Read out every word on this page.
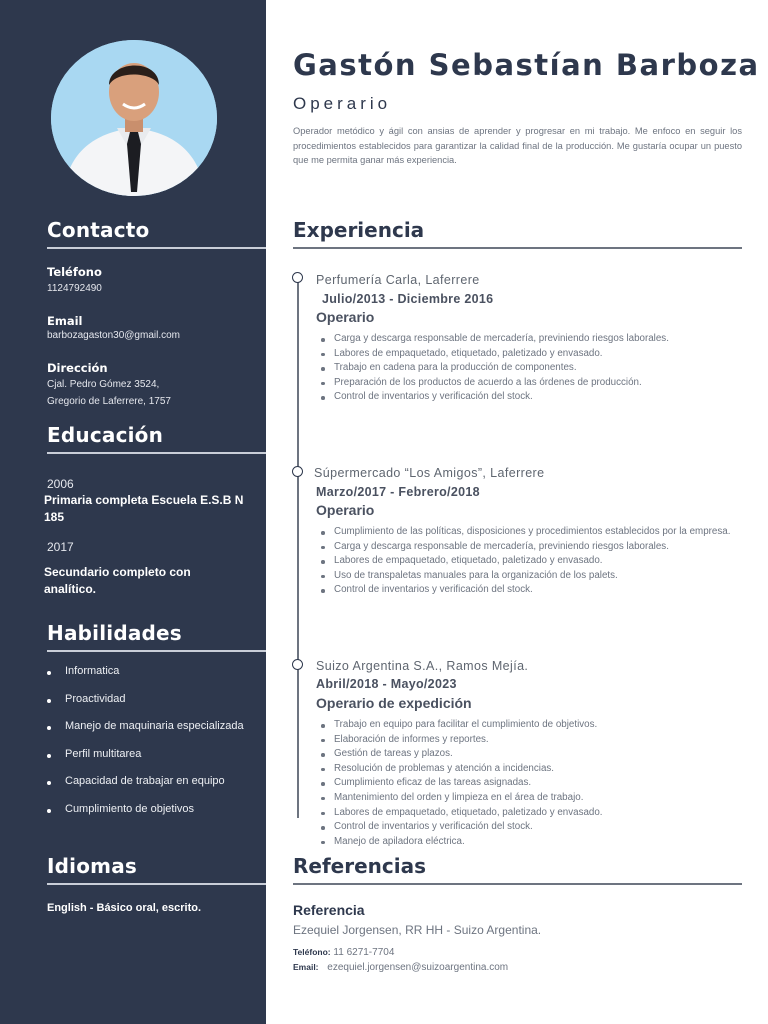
Contacto
Teléfono
1124792490
Email
barbozagaston30@gmail.com
Dirección
Cjal. Pedro Gómez 3524,
Gregorio de Laferrere, 1757
Educación
2006
Primaria completa Escuela E.S.B N 185
2017
Secundario completo con analítico.
Habilidades
Informatica
Proactividad
Manejo de maquinaria especializada
Perfil multitarea
Capacidad de trabajar en equipo
Cumplimiento de objetivos
Idiomas
English - Básico oral, escrito.
Gastón Sebastían Barboza
Operario
Operador metódico y ágil con ansias de aprender y progresar en mi trabajo. Me enfoco en seguir los procedimientos establecidos para garantizar la calidad final de la producción. Me gustaría ocupar un puesto que me permita ganar más experiencia.
Experiencia
Perfumería Carla, Laferrere
Julio/2013 - Diciembre 2016
Operario
Carga y descarga responsable de mercadería, previniendo riesgos laborales.
Labores de empaquetado, etiquetado, paletizado y envasado.
Trabajo en cadena para la producción de componentes.
Preparación de los productos de acuerdo a las órdenes de producción.
Control de inventarios y verificación del stock.
Súpermercado “Los Amigos”, Laferrere
Marzo/2017 - Febrero/2018
Operario
Cumplimiento de las políticas, disposiciones y procedimientos establecidos por la empresa.
Carga y descarga responsable de mercadería, previniendo riesgos laborales.
Labores de empaquetado, etiquetado, paletizado y envasado.
Uso de transpaletas manuales para la organización de los palets.
Control de inventarios y verificación del stock.
Suizo Argentina S.A., Ramos Mejía.
Abril/2018 - Mayo/2023
Operario de expedición
Trabajo en equipo para facilitar el cumplimiento de objetivos.
Elaboración de informes y reportes.
Gestión de tareas y plazos.
Resolución de problemas y atención a incidencias.
Cumplimiento eficaz de las tareas asignadas.
Mantenimiento del orden y limpieza en el área de trabajo.
Labores de empaquetado, etiquetado, paletizado y envasado.
Control de inventarios y verificación del stock.
Manejo de apiladora eléctrica.
Referencias
Referencia
Ezequiel Jorgensen, RR HH - Suizo Argentina.
Teléfono: 11 6271-7704
Email: ezequiel.jorgensen@suizoargentina.com
